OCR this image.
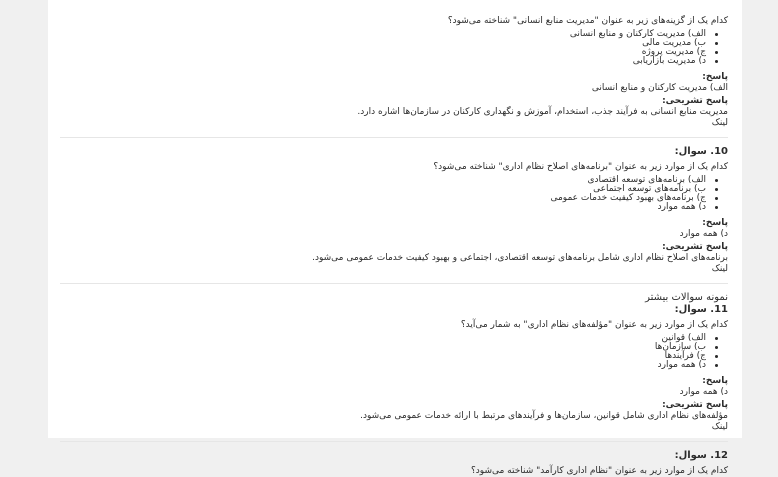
کدام یک از گزینه‌های زیر به عنوان "مدیریت منابع انسانی" شناخته می‌شود؟
الف) مدیریت کارکنان و منابع انسانی
ب) مدیریت مالی
ج) مدیریت پروژه
د) مدیریت بازاریابی
پاسخ:
الف) مدیریت کارکنان و منابع انسانی
پاسخ تشریحی:
مدیریت منابع انسانی به فرآیند جذب، استخدام، آموزش و نگهداری کارکنان در سازمان‌ها اشاره دارد.
لینک
10. سوال:
کدام یک از موارد زیر به عنوان "برنامه‌های اصلاح نظام اداری" شناخته می‌شود؟
الف) برنامه‌های توسعه اقتصادی
ب) برنامه‌های توسعه اجتماعی
ج) برنامه‌های بهبود کیفیت خدمات عمومی
د) همه موارد
پاسخ:
د) همه موارد
پاسخ تشریحی:
برنامه‌های اصلاح نظام اداری شامل برنامه‌های توسعه اقتصادی، اجتماعی و بهبود کیفیت خدمات عمومی می‌شود.
لینک
نمونه سوالات بیشتر
11. سوال:
کدام یک از موارد زیر به عنوان "مؤلفه‌های نظام اداری" به شمار می‌آید؟
الف) قوانین
ب) سازمان‌ها
ج) فرآیندها
د) همه موارد
پاسخ:
د) همه موارد
پاسخ تشریحی:
مؤلفه‌های نظام اداری شامل قوانین، سازمان‌ها و فرآیندهای مرتبط با ارائه خدمات عمومی می‌شود.
لینک
12. سوال:
کدام یک از موارد زیر به عنوان "نظام اداری کارآمد" شناخته می‌شود؟
